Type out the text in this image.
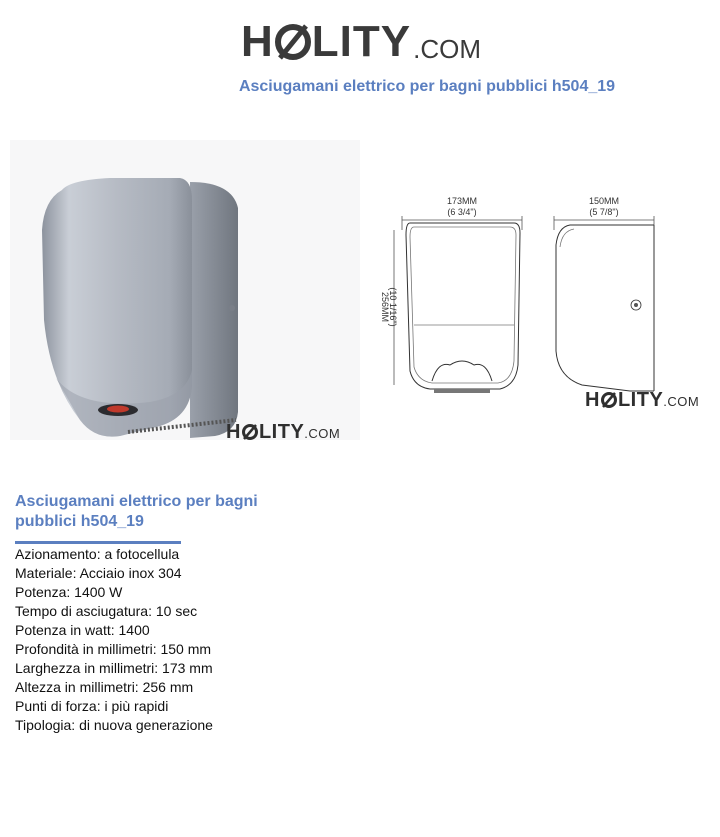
H LITY .COM
Asciugamani elettrico per bagni pubblici h504_19
H LITY .COM
173MM
(6 3/4")
256MM
(10 1/16")
150MM
(5 7/8")
H LITY .COM
Asciugamani elettrico per bagni pubblici h504_19
Azionamento: a fotocellula
Materiale: Acciaio inox 304
Potenza: 1400 W
Tempo di asciugatura: 10 sec
Potenza in watt: 1400
Profondità in millimetri: 150 mm
Larghezza in millimetri: 173 mm
Altezza in millimetri: 256 mm
Punti di forza: i più rapidi
Tipologia: di nuova generazione
